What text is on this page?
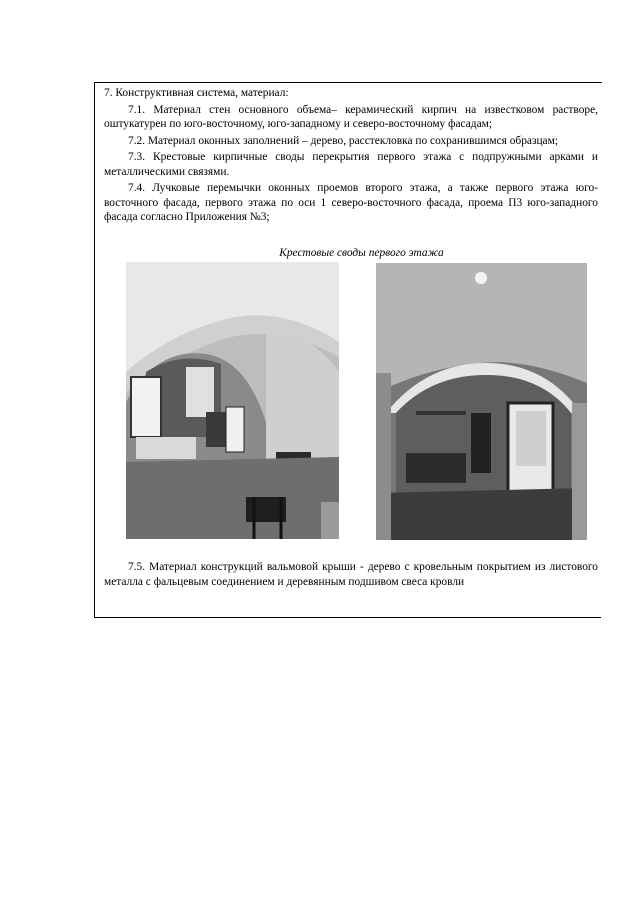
7. Конструктивная система, материал:

7.1. Материал стен основного объема– керамический кирпич на известковом растворе, оштукатурен по юго-восточному, юго-западному и северо-восточному фасадам;

7.2. Материал оконных заполнений – дерево, расстекловка по сохранившимся образцам;

7.3. Крестовые кирпичные своды перекрытия первого этажа с подпружными арками и металлическими связями.

7.4. Лучковые перемычки оконных проемов второго этажа, а также первого этажа юго-восточного фасада, первого этажа по оси 1 северо-восточного фасада, проема П3 юго-западного фасада согласно Приложения №3;

Крестовые своды первого этажа

7.5. Материал конструкций вальмовой крыши - дерево с кровельным покрытием из листового металла с фальцевым соединением и деревянным подшивом свеса кровли
